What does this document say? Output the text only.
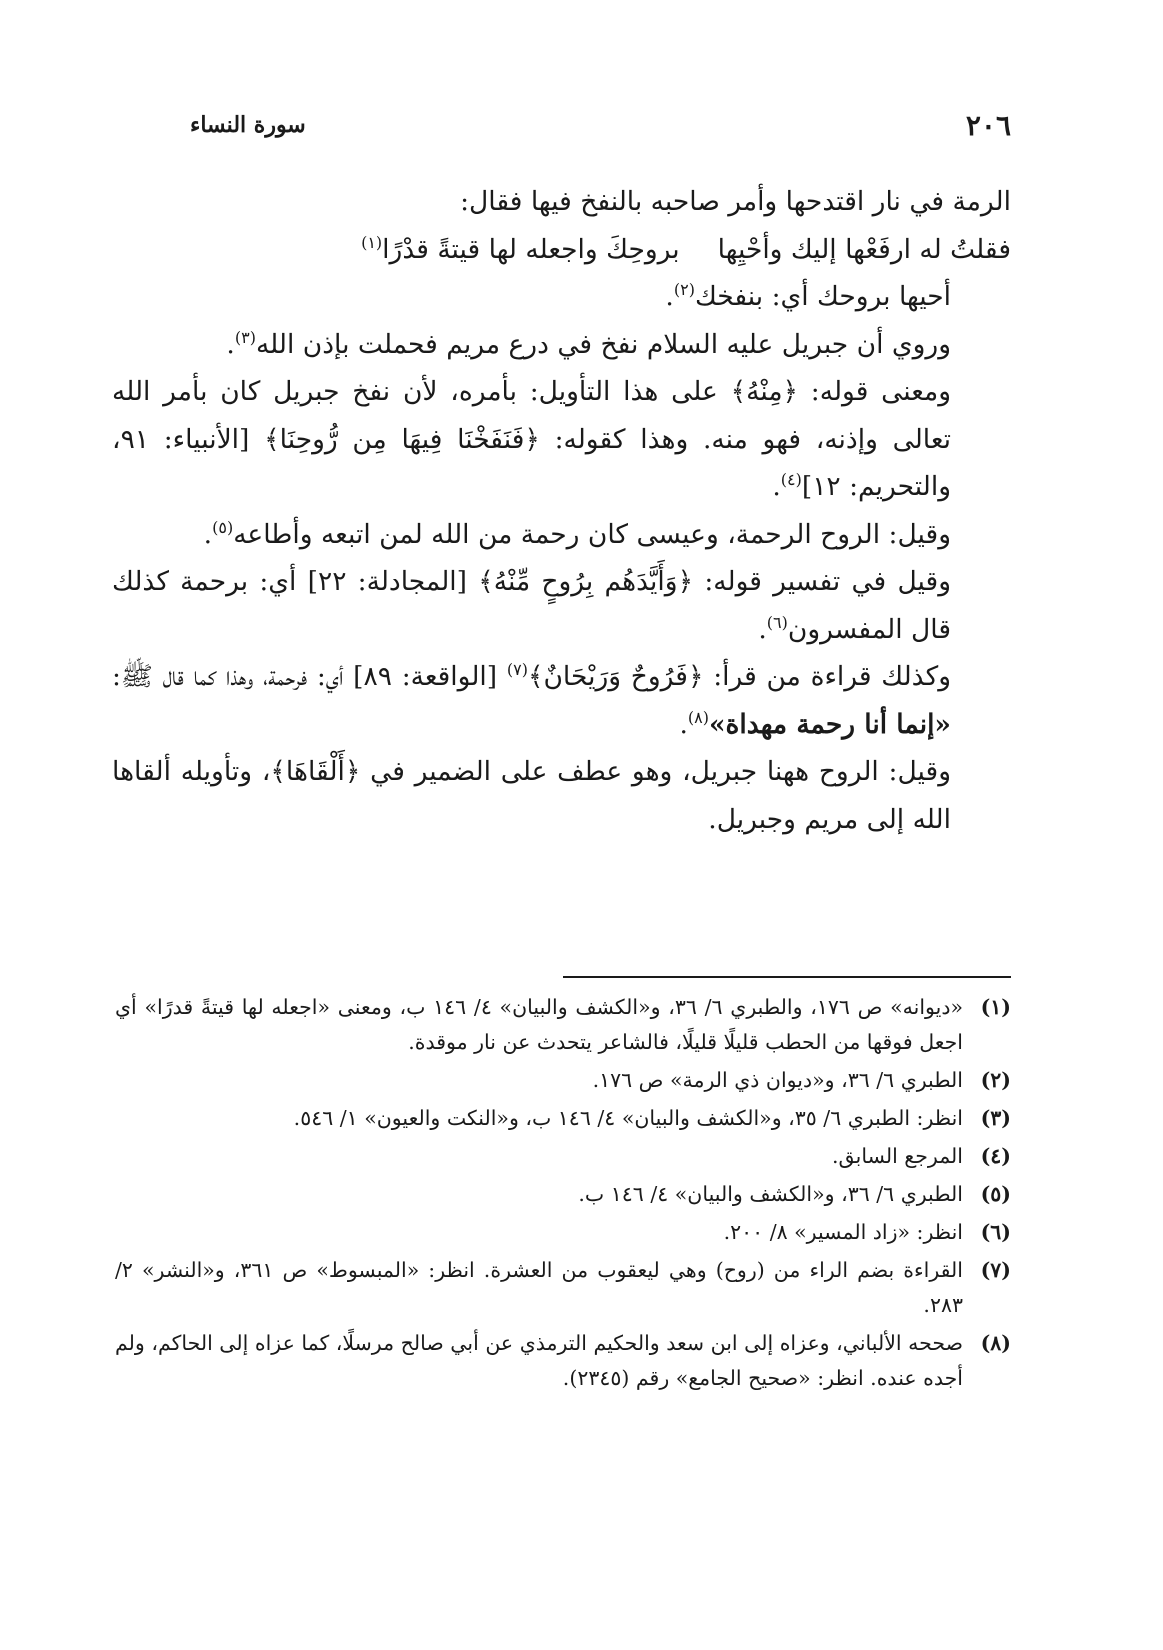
٢٠٦
سورة النساء

الرمة في نار اقتدحها وأمر صاحبه بالنفخ فيها فقال:

فقلتُ له ارفَعْها إليك وأحْيِها
بروحِكَ واجعله لها قيتةً قدْرًا$^{(١)}$

أحيها بروحك أي: بنفخك$^{(٢)}$.

وروي أن جبريل عليه السلام نفخ في درع مريم فحملت بإذن الله$^{(٣)}$.

ومعنى قوله: ﴿مِنْهُ﴾ على هذا التأويل: بأمره، لأن نفخ جبريل كان بأمر الله تعالى وإذنه، فهو منه. وهذا كقوله: ﴿فَنَفَخْنَا فِيهَا مِن رُّوحِنَا﴾ [الأنبياء: ٩١، والتحريم: ١٢]$^{(٤)}$.

وقيل: الروح الرحمة، وعيسى كان رحمة من الله لمن اتبعه وأطاعه$^{(٥)}$.

وقيل في تفسير قوله: ﴿وَأَيَّدَهُم بِرُوحٍ مِّنْهُ﴾ [المجادلة: ٢٢] أي: برحمة كذلك قال المفسرون$^{(٦)}$.

وكذلك قراءة من قرأ: ﴿فَرُوحٌ وَرَيْحَانٌ﴾$^{(٧)}$ [الواقعة: ٨٩] أي: فرحمة، وهذا كما قال ﷺ: «إنما أنا رحمة مهداة»$^{(٨)}$.

وقيل: الروح ههنا جبريل، وهو عطف على الضمير في ﴿أَلْقَاهَا﴾، وتأويله ألقاها الله إلى مريم وجبريل.

(١)
«ديوانه» ص ١٧٦، والطبري ٦/ ٣٦، و«الكشف والبيان» ٤/ ١٤٦ ب، ومعنى «اجعله لها قيتةً قدرًا» أي اجعل فوقها من الحطب قليلًا قليلًا، فالشاعر يتحدث عن نار موقدة.
(٢)
الطبري ٦/ ٣٦، و«ديوان ذي الرمة» ص ١٧٦.
(٣)
انظر: الطبري ٦/ ٣٥، و«الكشف والبيان» ٤/ ١٤٦ ب، و«النكت والعيون» ١/ ٥٤٦.
(٤)
المرجع السابق.
(٥)
الطبري ٦/ ٣٦، و«الكشف والبيان» ٤/ ١٤٦ ب.
(٦)
انظر: «زاد المسير» ٨/ ٢٠٠.
(٧)
القراءة بضم الراء من (روح) وهي ليعقوب من العشرة. انظر: «المبسوط» ص ٣٦١، و«النشر» ٢/ ٢٨٣.
(٨)
صححه الألباني، وعزاه إلى ابن سعد والحكيم الترمذي عن أبي صالح مرسلًا، كما عزاه إلى الحاكم، ولم أجده عنده. انظر: «صحيح الجامع» رقم (٢٣٤٥).
